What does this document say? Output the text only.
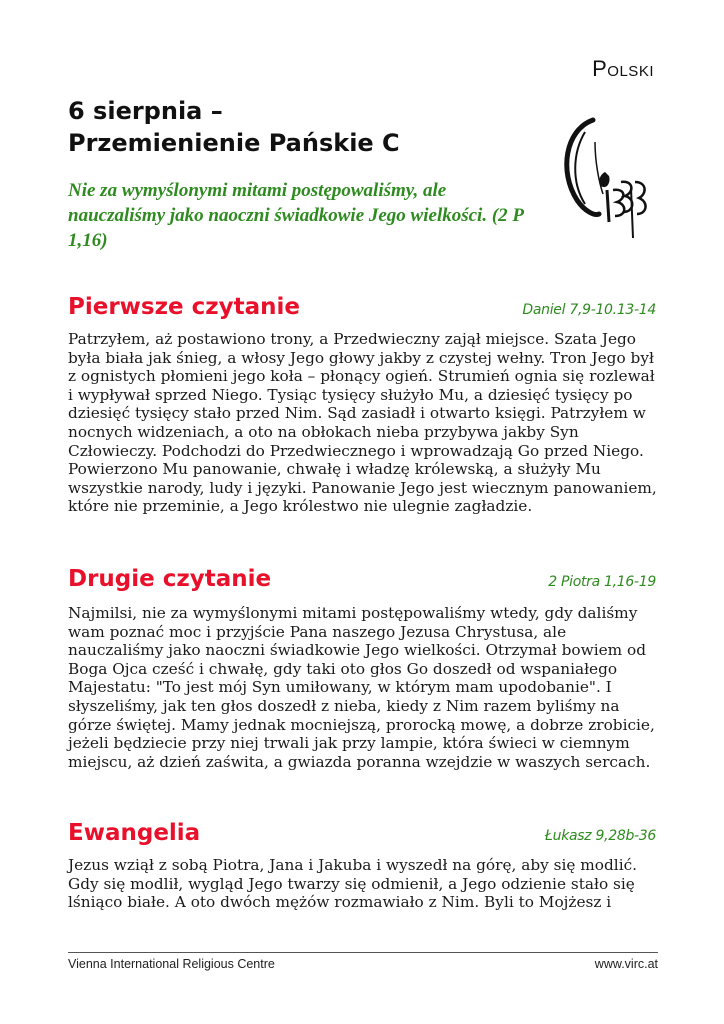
Polski
6 sierpnia –
Przemienienie Pańskie C
Nie za wymyślonymi mitami postępowaliśmy, ale nauczaliśmy jako naoczni świadkowie Jego wielkości. (2 P 1,16)
Pierwsze czytanie	Daniel 7,9-10.13-14
Patrzyłem, aż postawiono trony, a Przedwieczny zajął miejsce. Szata Jego była biała jak śnieg, a włosy Jego głowy jakby z czystej wełny. Tron Jego był z ognistych płomieni jego koła – płonący ogień. Strumień ognia się rozlewał i wypływał sprzed Niego. Tysiąc tysięcy służyło Mu, a dziesięć tysięcy po dziesięć tysięcy stało przed Nim. Sąd zasiadł i otwarto księgi. Patrzyłem w nocnych widzeniach, a oto na obłokach nieba przybywa jakby Syn Człowieczy. Podchodzi do Przedwiecznego i wprowadzają Go przed Niego. Powierzono Mu panowanie, chwałę i władzę królewską, a służyły Mu wszystkie narody, ludy i języki. Panowanie Jego jest wiecznym panowaniem, które nie przeminie, a Jego królestwo nie ulegnie zagładzie.
Drugie czytanie	2 Piotra 1,16-19
Najmilsi, nie za wymyślonymi mitami postępowaliśmy wtedy, gdy daliśmy wam poznać moc i przyjście Pana naszego Jezusa Chrystusa, ale nauczaliśmy jako naoczni świadkowie Jego wielkości. Otrzymał bowiem od Boga Ojca cześć i chwałę, gdy taki oto głos Go doszedł od wspaniałego Majestatu: "To jest mój Syn umiłowany, w którym mam upodobanie". I słyszeliśmy, jak ten głos doszedł z nieba, kiedy z Nim razem byliśmy na górze świętej. Mamy jednak mocniejszą, prorocką mowę, a dobrze zrobicie, jeżeli będziecie przy niej trwali jak przy lampie, która świeci w ciemnym miejscu, aż dzień zaświta, a gwiazda poranna wzejdzie w waszych sercach.
Ewangelia	Łukasz 9,28b-36
Jezus wziął z sobą Piotra, Jana i Jakuba i wyszedł na górę, aby się modlić. Gdy się modlił, wygląd Jego twarzy się odmienił, a Jego odzienie stało się lśniąco białe. A oto dwóch mężów rozmawiało z Nim. Byli to Mojżesz i
Vienna International Religious Centre	www.virc.at
